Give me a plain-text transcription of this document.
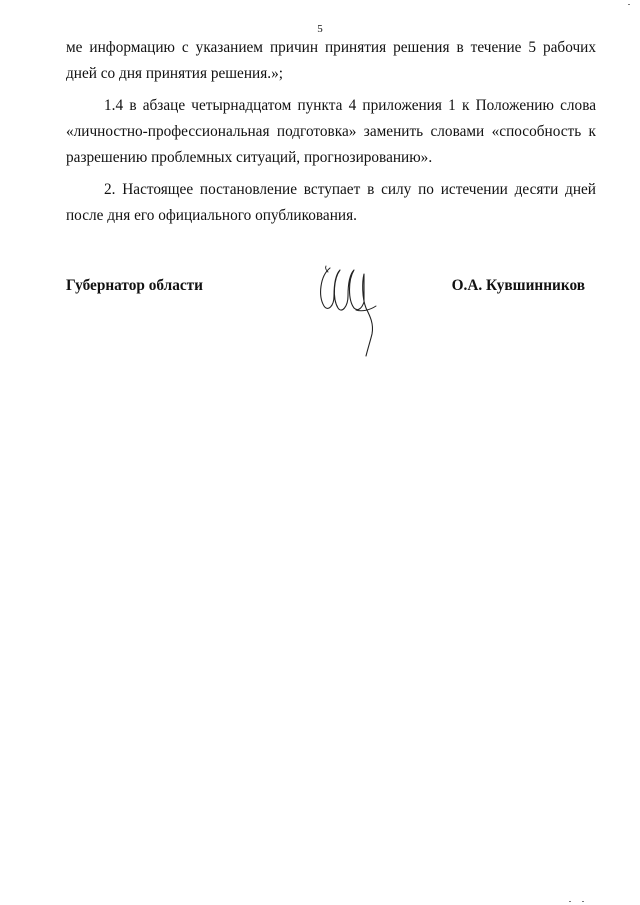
5

ме информацию с указанием причин принятия решения в течение 5 рабочих дней со дня принятия решения.»;

1.4 в абзаце четырнадцатом пункта 4 приложения 1 к Положению слова «личностно-профессиональная подготовка» заменить словами «способность к разрешению проблемных ситуаций, прогнозированию».

2. Настоящее постановление вступает в силу по истечении десяти дней после дня его официального опубликования.

Губернатор области	О.А. Кувшинников
